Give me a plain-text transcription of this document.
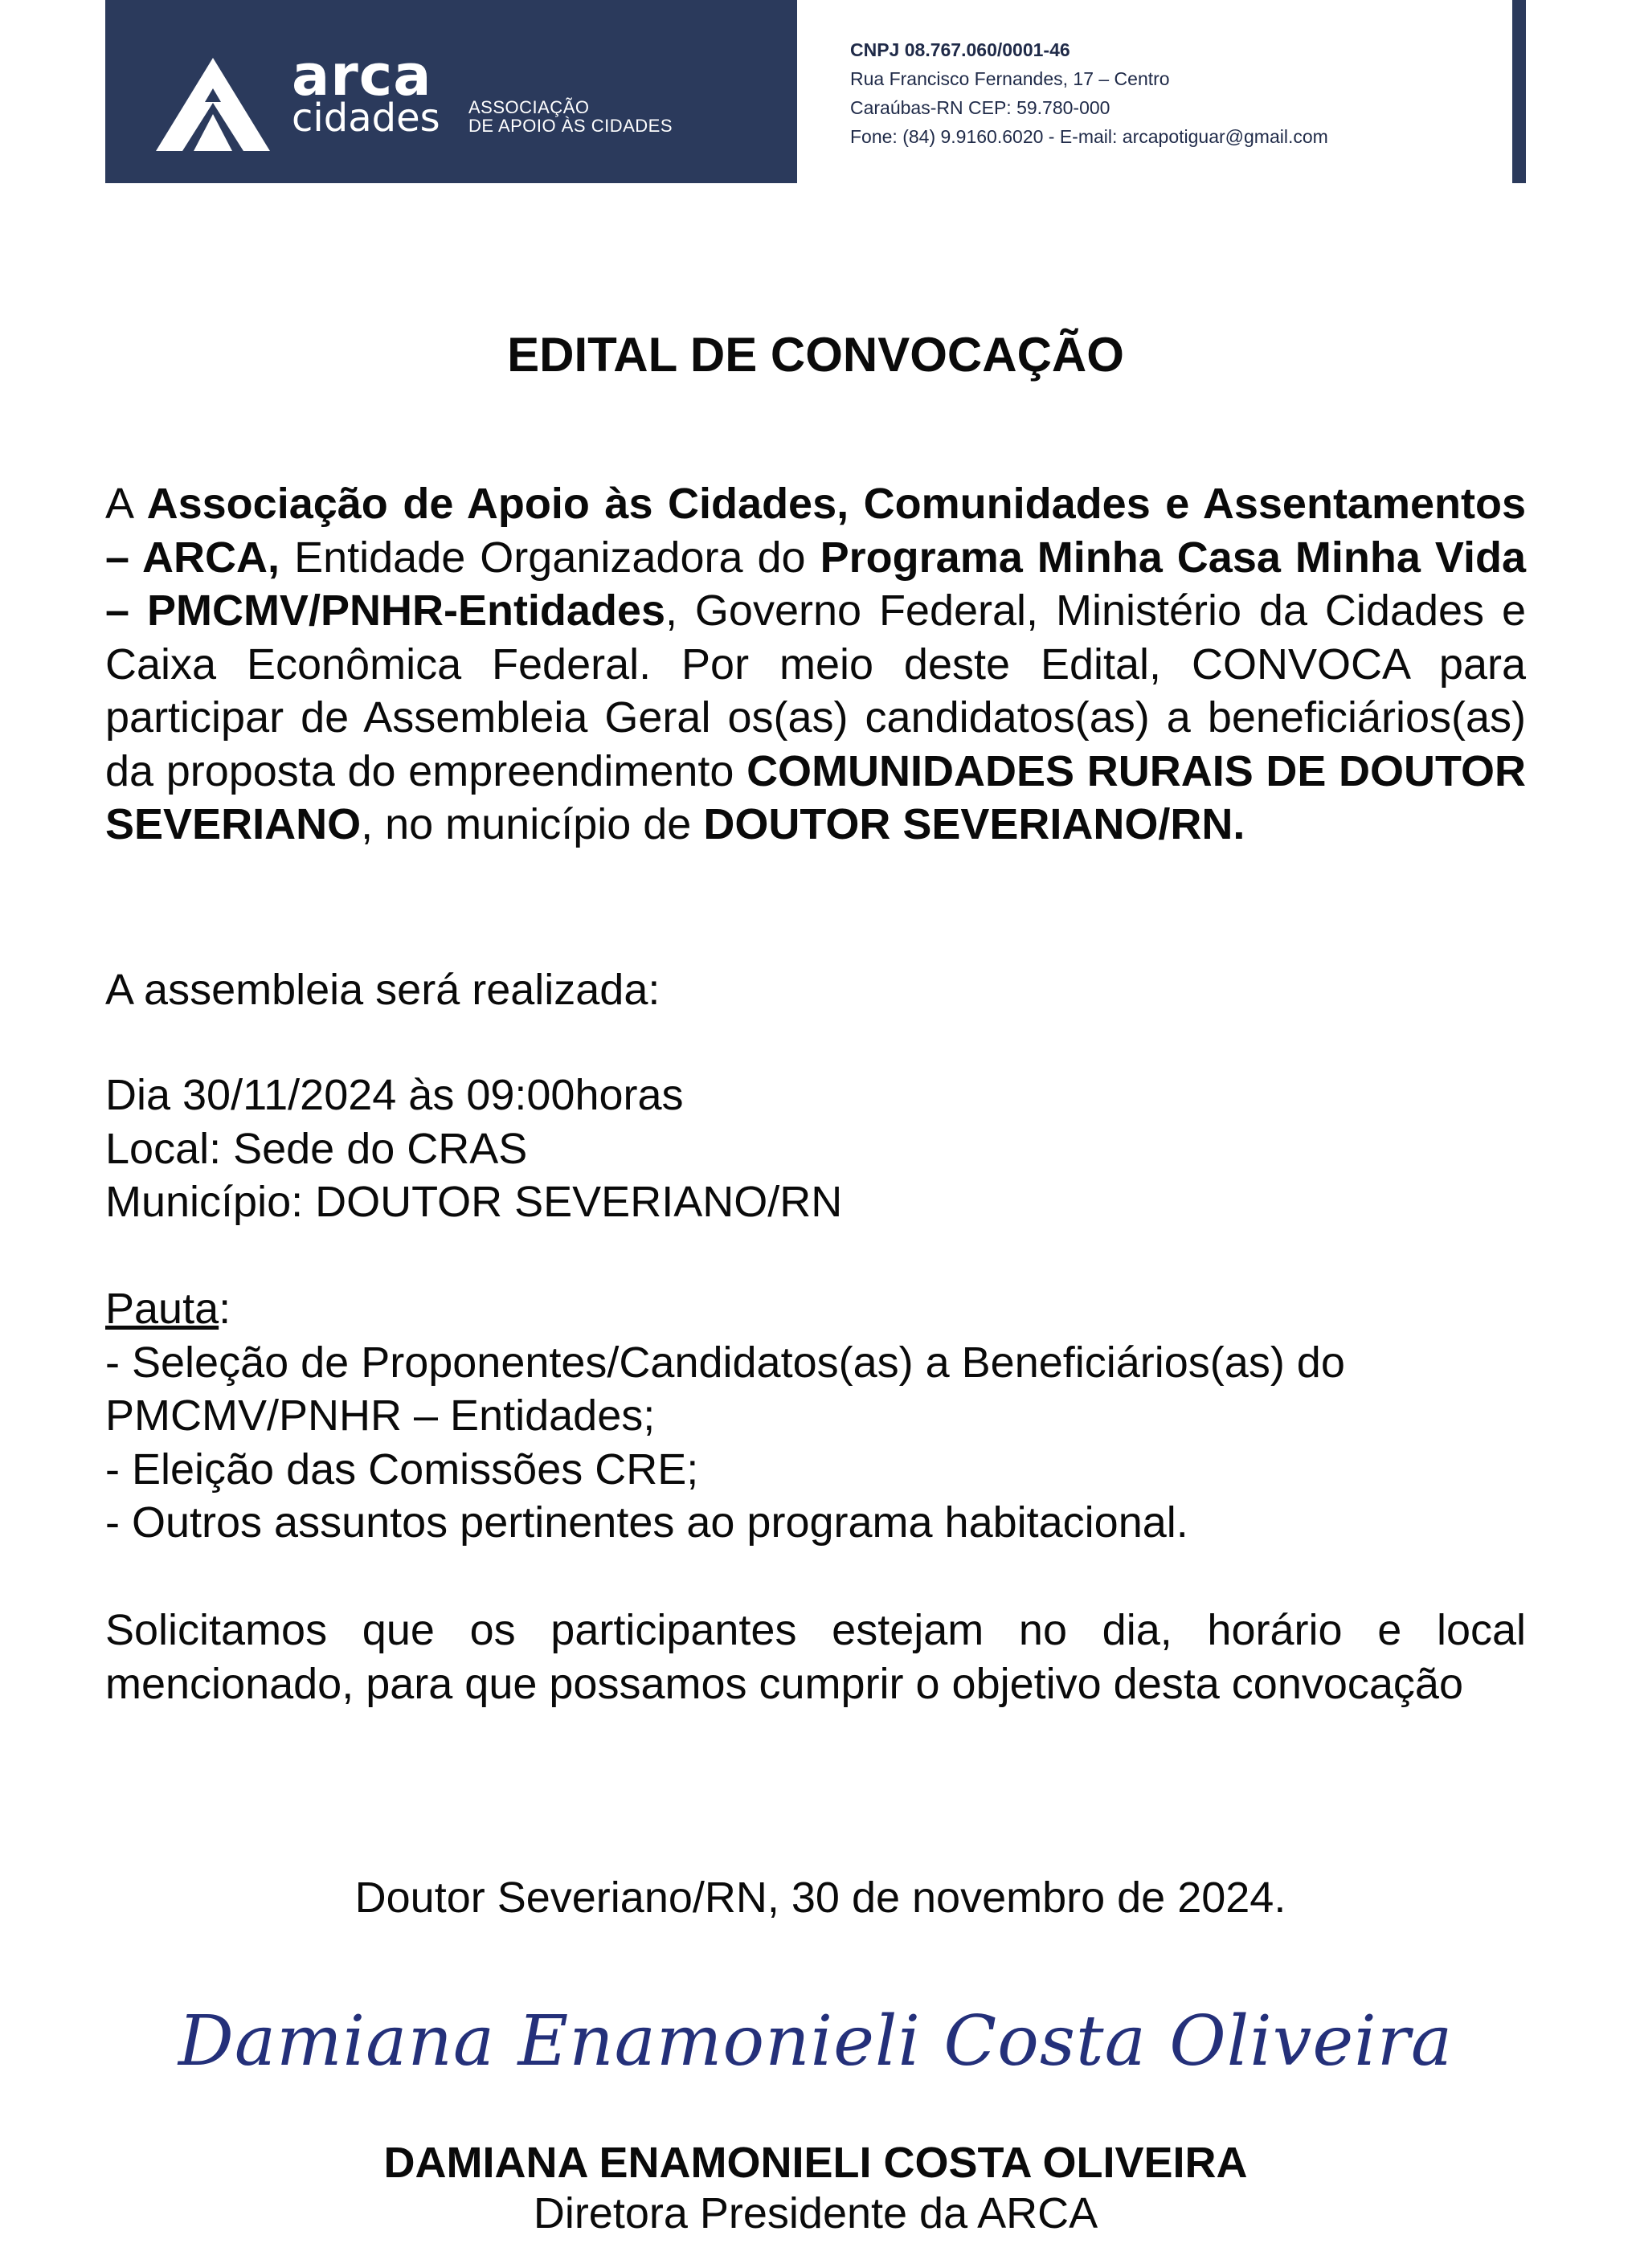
arca
cidades ASSOCIAÇÃO
DE APOIO ÀS CIDADES
CNPJ 08.767.060/0001-46
Rua Francisco Fernandes, 17 – Centro
Caraúbas-RN CEP: 59.780-000
Fone: (84) 9.9160.6020 - E-mail: arcapotiguar@gmail.com
EDITAL DE CONVOCAÇÃO
A Associação de Apoio às Cidades, Comunidades e Assentamentos – ARCA, Entidade Organizadora do Programa Minha Casa Minha Vida – PMCMV/PNHR-Entidades, Governo Federal, Ministério da Cidades e Caixa Econômica Federal. Por meio deste Edital, CONVOCA para participar de Assembleia Geral os(as) candidatos(as) a beneficiários(as) da proposta do empreendimento COMUNIDADES RURAIS DE DOUTOR SEVERIANO, no município de DOUTOR SEVERIANO/RN.
A assembleia será realizada:
Dia 30/11/2024 às 09:00horas
Local: Sede do CRAS
Município: DOUTOR SEVERIANO/RN
Pauta:
- Seleção de Proponentes/Candidatos(as) a Beneficiários(as) do PMCMV/PNHR – Entidades;
- Eleição das Comissões CRE;
- Outros assuntos pertinentes ao programa habitacional.
Solicitamos que os participantes estejam no dia, horário e local mencionado, para que possamos cumprir o objetivo desta convocação
Doutor Severiano/RN, 30 de novembro de 2024.
Damiana Enamonieli Costa Oliveira
DAMIANA ENAMONIELI COSTA OLIVEIRA
Diretora Presidente da ARCA
